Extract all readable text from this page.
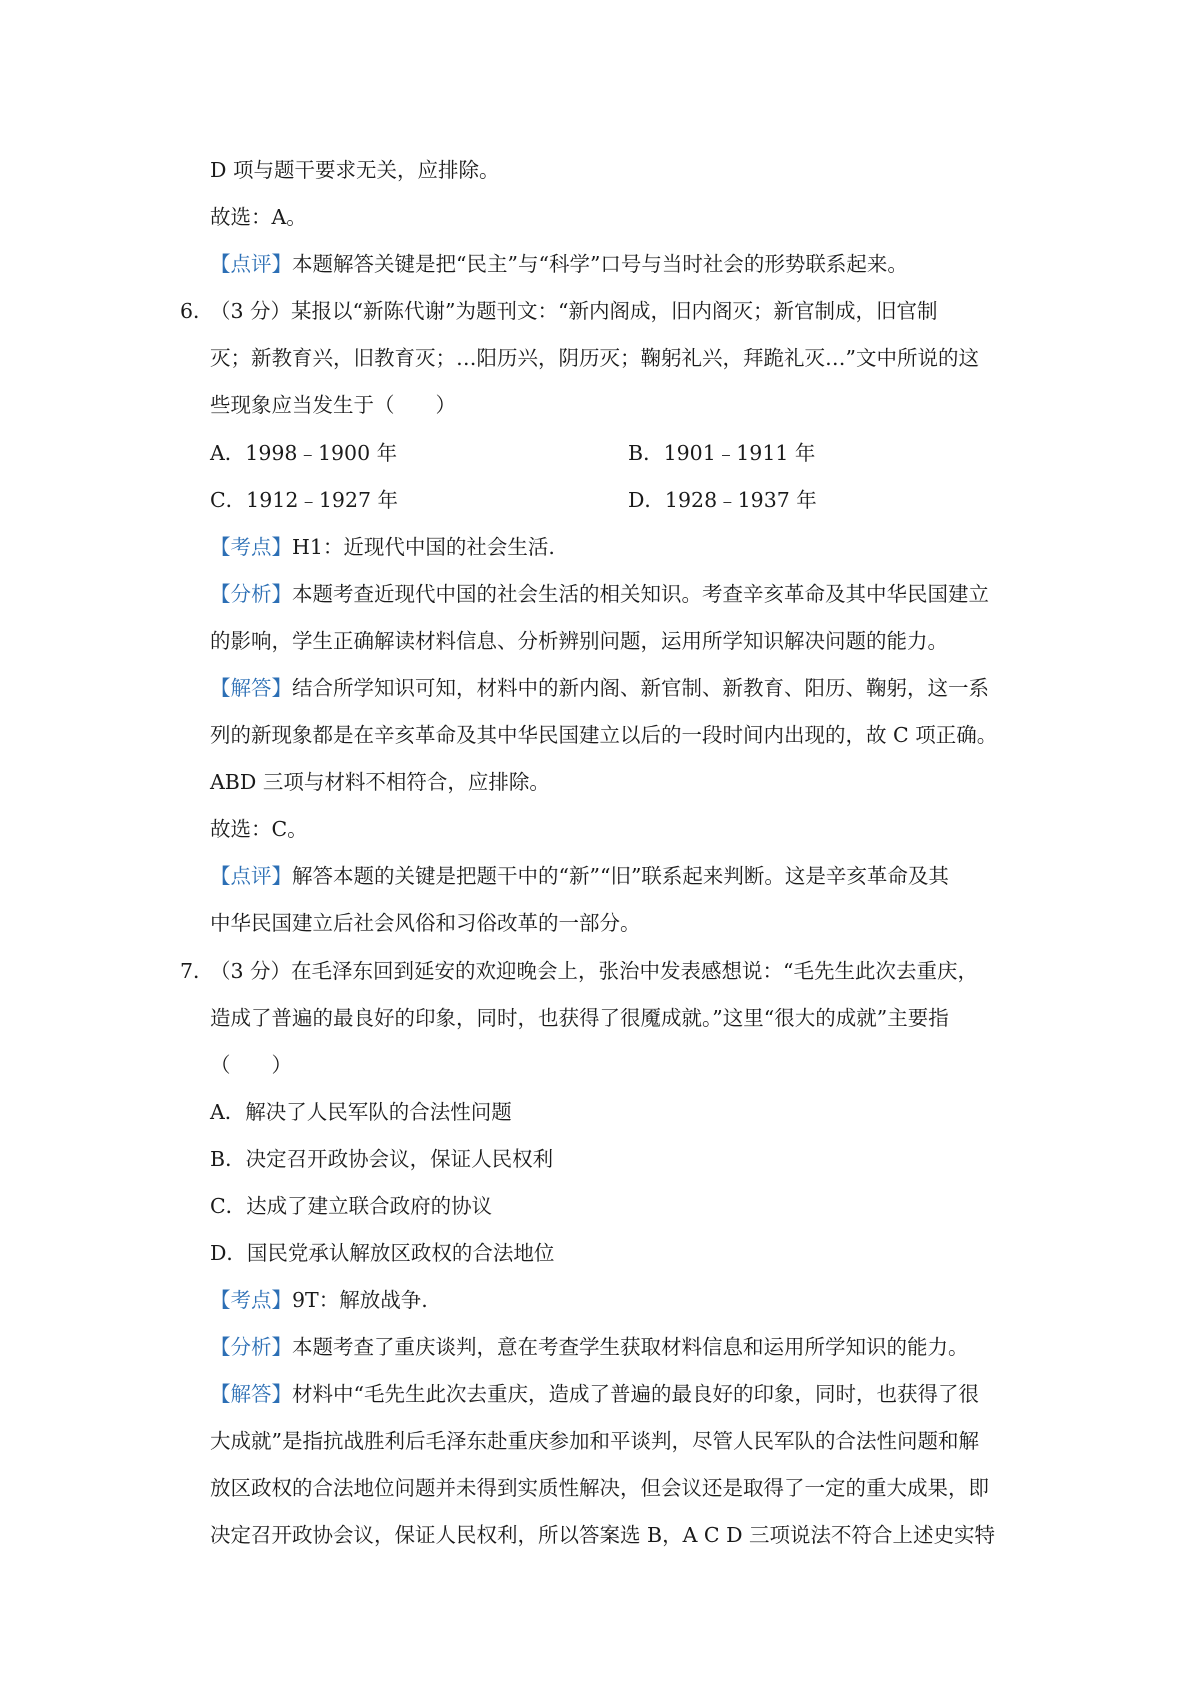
D 项与题干要求无关，应排除。
故选：A。
【点评】本题解答关键是把“民主”与“科学”口号与当时社会的形势联系起来。
6．
（3 分）某报以“新陈代谢”为题刊文：“新内阁成，旧内阁灭；新官制成，旧官制
灭；新教育兴，旧教育灭；…阳历兴，阴历灭；鞠躬礼兴，拜跪礼灭…”文中所说的这
些现象应当发生于（　　）
A．1998﹣1900 年	B．1901﹣1911 年
C．1912﹣1927 年	D．1928﹣1937 年
【考点】H1：近现代中国的社会生活.
【分析】本题考查近现代中国的社会生活的相关知识。考查辛亥革命及其中华民国建立
的影响，学生正确解读材料信息、分析辨别问题，运用所学知识解决问题的能力。
【解答】结合所学知识可知，材料中的新内阁、新官制、新教育、阳历、鞠躬，这一系
列的新现象都是在辛亥革命及其中华民国建立以后的一段时间内出现的，故 C 项正确。
ABD 三项与材料不相符合，应排除。
故选：C。
【点评】解答本题的关键是把题干中的“新”“旧”联系起来判断。这是辛亥革命及其
中华民国建立后社会风俗和习俗改革的一部分。
7．
（3 分）在毛泽东回到延安的欢迎晚会上，张治中发表感想说：“毛先生此次去重庆，
造成了普遍的最良好的印象，同时，也获得了很魇成就。”这里“很大的成就”主要指
（　　）
A．解决了人民军队的合法性问题
B．决定召开政协会议，保证人民权利
C．达成了建立联合政府的协议
D．国民党承认解放区政权的合法地位
【考点】9T：解放战争.
【分析】本题考查了重庆谈判，意在考查学生获取材料信息和运用所学知识的能力。
【解答】材料中“毛先生此次去重庆，造成了普遍的最良好的印象，同时，也获得了很
大成就”是指抗战胜利后毛泽东赴重庆参加和平谈判，尽管人民军队的合法性问题和解
放区政权的合法地位问题并未得到实质性解决，但会议还是取得了一定的重大成果，即
决定召开政协会议，保证人民权利，所以答案选 B，A C D 三项说法不符合上述史实特
